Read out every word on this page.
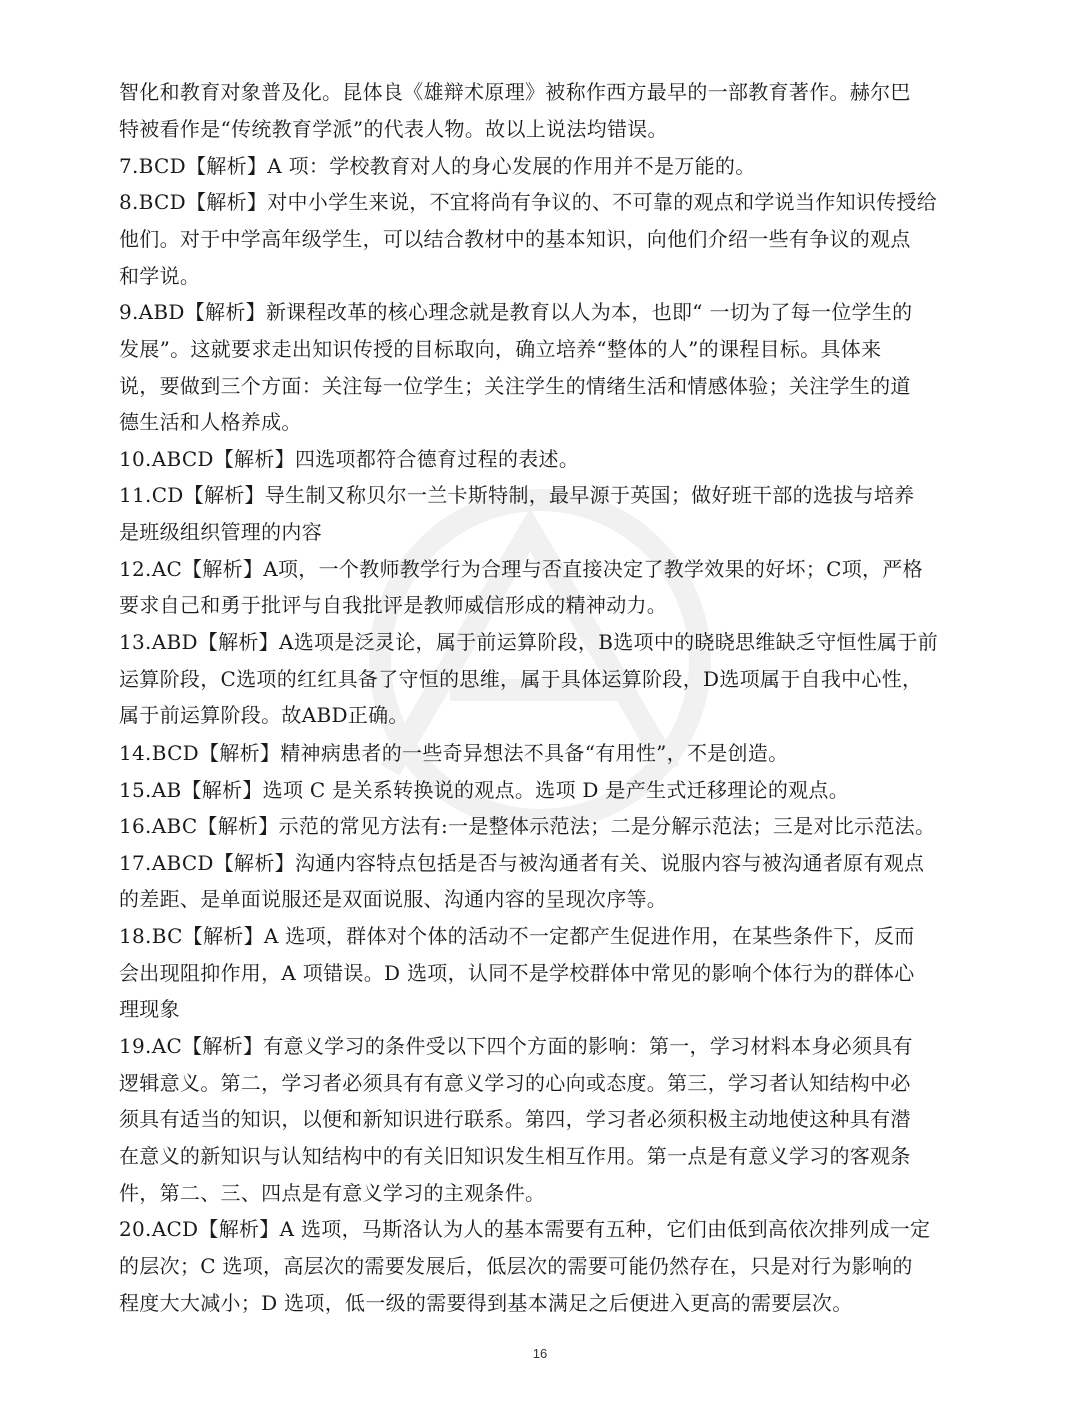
智化和教育对象普及化。昆体良《雄辩术原理》被称作西方最早的一部教育著作。赫尔巴
特被看作是“传统教育学派”的代表人物。故以上说法均错误。
7.BCD【解析】A 项：学校教育对人的身心发展的作用并不是万能的。
8.BCD【解析】对中小学生来说，不宜将尚有争议的、不可靠的观点和学说当作知识传授给
他们。对于中学高年级学生，可以结合教材中的基本知识，向他们介绍一些有争议的观点
和学说。
9.ABD【解析】新课程改革的核心理念就是教育以人为本，也即“ 一切为了每一位学生的
发展”。这就要求走出知识传授的目标取向，确立培养“整体的人”的课程目标。具体来
说，要做到三个方面：关注每一位学生；关注学生的情绪生活和情感体验；关注学生的道
德生活和人格养成。
10.ABCD【解析】四选项都符合德育过程的表述。
11.CD【解析】导生制又称贝尔一兰卡斯特制，最早源于英国；做好班干部的选拔与培养
是班级组织管理的内容
12.AC【解析】A项，一个教师教学行为合理与否直接决定了教学效果的好坏；C项，严格
要求自己和勇于批评与自我批评是教师威信形成的精神动力。
13.ABD【解析】A选项是泛灵论，属于前运算阶段，B选项中的晓晓思维缺乏守恒性属于前
运算阶段，C选项的红红具备了守恒的思维，属于具体运算阶段，D选项属于自我中心性，
属于前运算阶段。故ABD正确。
14.BCD【解析】精神病患者的一些奇异想法不具备“有用性”，不是创造。
15.AB【解析】选项 C 是关系转换说的观点。选项 D 是产生式迁移理论的观点。
16.ABC【解析】示范的常见方法有:一是整体示范法；二是分解示范法；三是对比示范法。
17.ABCD【解析】沟通内容特点包括是否与被沟通者有关、说服内容与被沟通者原有观点
的差距、是单面说服还是双面说服、沟通内容的呈现次序等。
18.BC【解析】A 选项，群体对个体的活动不一定都产生促进作用，在某些条件下，反而
会出现阻抑作用，A 项错误。D 选项，认同不是学校群体中常见的影响个体行为的群体心
理现象
19.AC【解析】有意义学习的条件受以下四个方面的影响：第一，学习材料本身必须具有
逻辑意义。第二，学习者必须具有有意义学习的心向或态度。第三，学习者认知结构中必
须具有适当的知识，以便和新知识进行联系。第四，学习者必须积极主动地使这种具有潜
在意义的新知识与认知结构中的有关旧知识发生相互作用。第一点是有意义学习的客观条
件，第二、三、四点是有意义学习的主观条件。
20.ACD【解析】A 选项，马斯洛认为人的基本需要有五种，它们由低到高依次排列成一定
的层次；C 选项，高层次的需要发展后，低层次的需要可能仍然存在，只是对行为影响的
程度大大减小；D 选项，低一级的需要得到基本满足之后便进入更高的需要层次。
16
